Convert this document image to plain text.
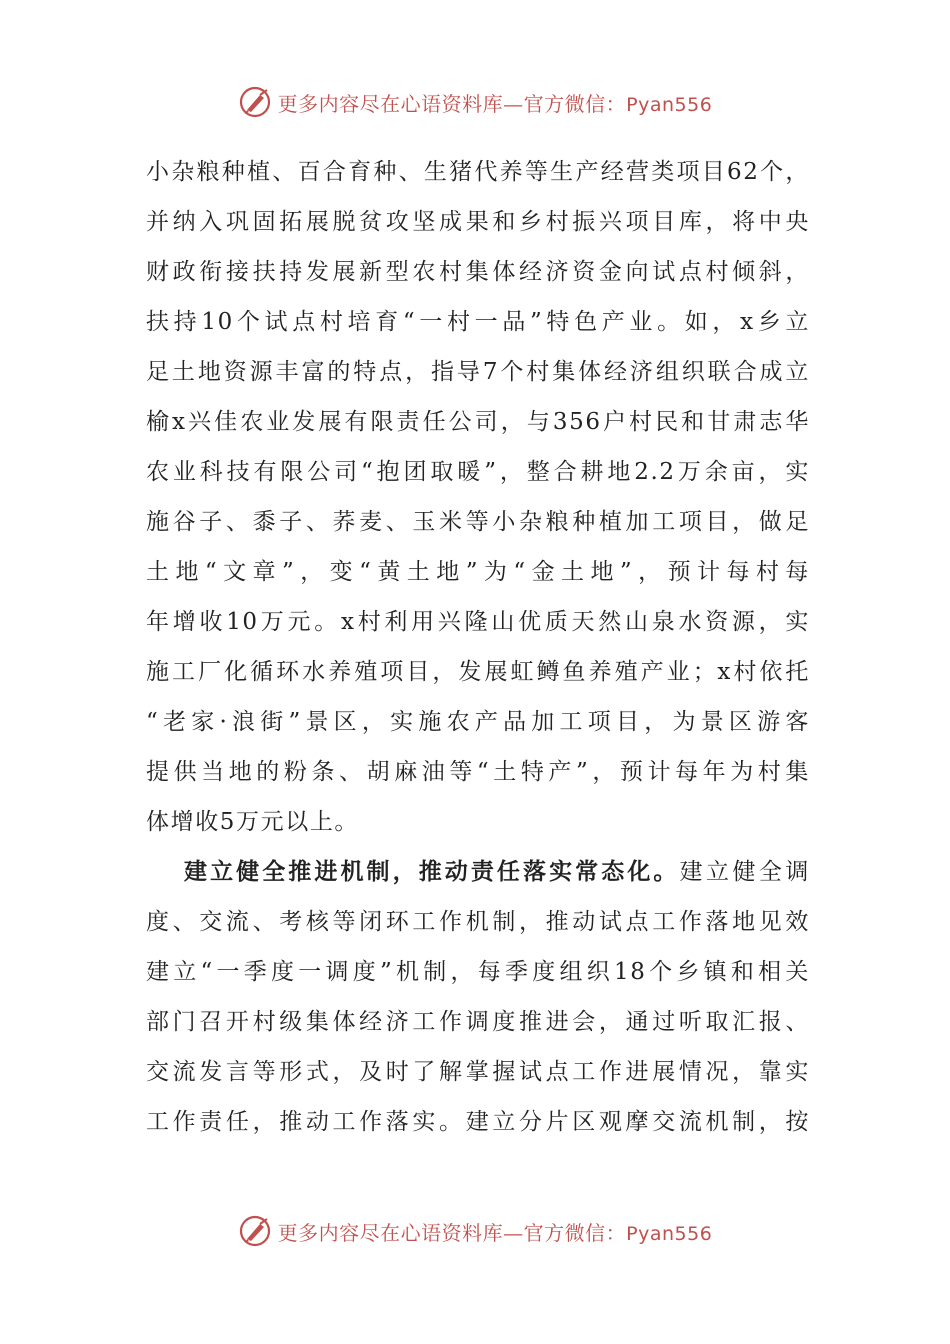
更多内容尽在心语资料库—官方微信：Pyan556
小杂粮种植、百合育种、生猪代养等生产经营类项目62个，
并纳入巩固拓展脱贫攻坚成果和乡村振兴项目库，将中央
财政衔接扶持发展新型农村集体经济资金向试点村倾斜，
扶持10个试点村培育“一村一品”特色产业。如，x乡立
足土地资源丰富的特点，指导7个村集体经济组织联合成立
榆x兴佳农业发展有限责任公司，与356户村民和甘肃志华
农业科技有限公司“抱团取暖”，整合耕地2.2万余亩，实
施谷子、黍子、荞麦、玉米等小杂粮种植加工项目，做足
土地“文章”，变“黄土地”为“金土地”，预计每村每
年增收10万元。x村利用兴隆山优质天然山泉水资源，实
施工厂化循环水养殖项目，发展虹鳟鱼养殖产业；x村依托
“老家·浪街”景区，实施农产品加工项目，为景区游客
提供当地的粉条、胡麻油等“土特产”，预计每年为村集
体增收5万元以上。
建立健全推进机制，推动责任落实常态化。建立健全调
度、交流、考核等闭环工作机制，推动试点工作落地见效
建立“一季度一调度”机制，每季度组织18个乡镇和相关
部门召开村级集体经济工作调度推进会，通过听取汇报、
交流发言等形式，及时了解掌握试点工作进展情况，靠实
工作责任，推动工作落实。建立分片区观摩交流机制，按
更多内容尽在心语资料库—官方微信：Pyan556
